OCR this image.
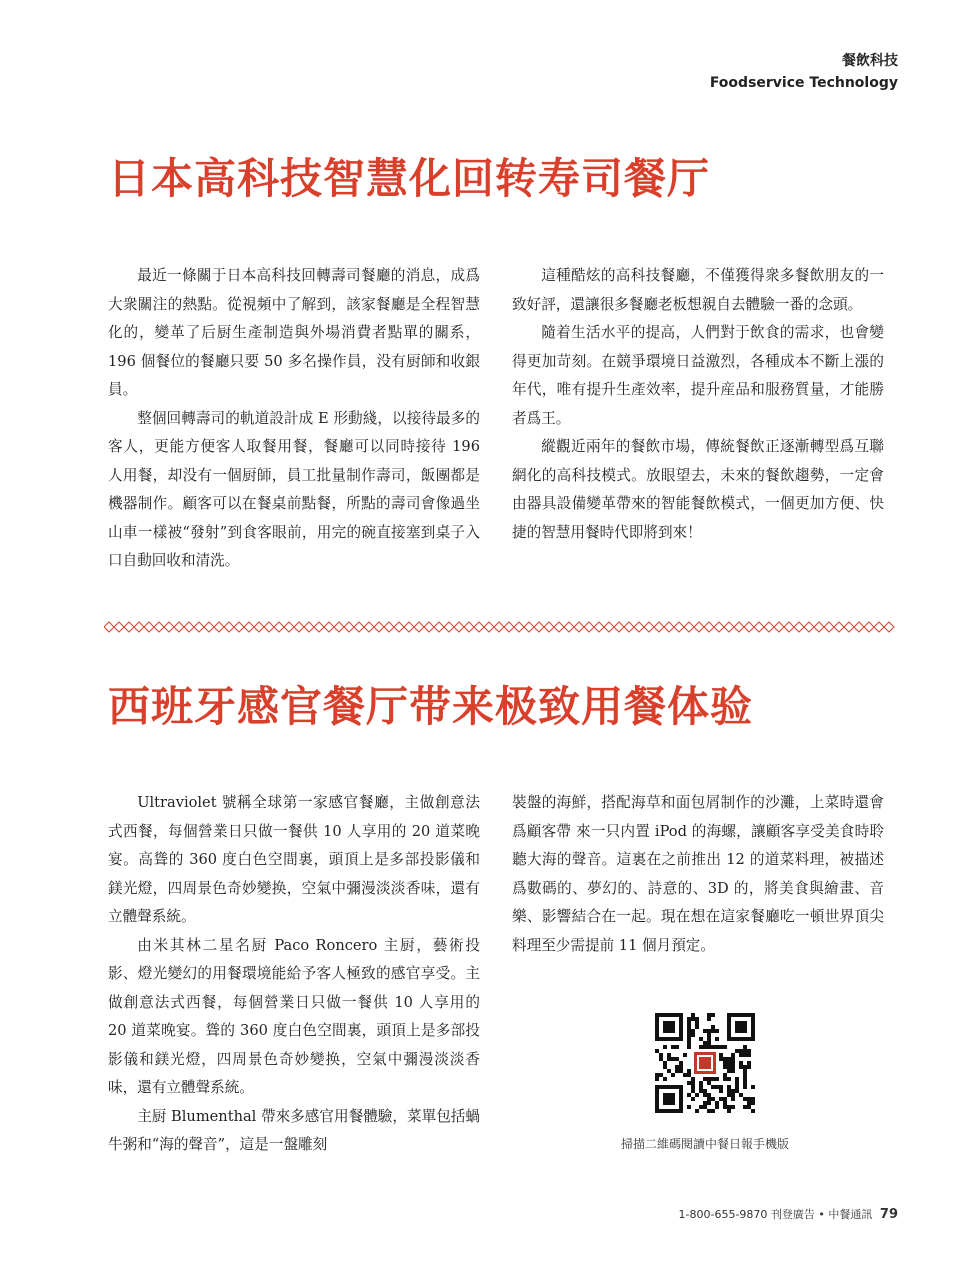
餐飲科技
Foodservice Technology
日本高科技智慧化回转寿司餐厅

最近一條關于日本高科技回轉壽司餐廳的消息，成爲大衆關注的熱點。從視頻中了解到，該家餐廳是全程智慧化的，變革了后厨生產制造與外場消費者點單的關系，196 個餐位的餐廳只要 50 多名操作員，没有厨師和收銀員。

整個回轉壽司的軌道設計成 E 形動綫，以接待最多的客人，更能方便客人取餐用餐，餐廳可以同時接待 196 人用餐，却没有一個厨師，員工批量制作壽司，飯團都是機器制作。顧客可以在餐桌前點餐，所點的壽司會像過坐山車一樣被“發射”到食客眼前，用完的碗直接塞到桌子入口自動回收和清洗。

這種酷炫的高科技餐廳，不僅獲得衆多餐飲朋友的一致好評，還讓很多餐廳老板想親自去體驗一番的念頭。

隨着生活水平的提高，人們對于飲食的需求，也會變得更加苛刻。在競爭環境日益激烈，各種成本不斷上漲的年代，唯有提升生產效率，提升産品和服務質量，才能勝者爲王。

縱觀近兩年的餐飲市場，傳統餐飲正逐漸轉型爲互聯網化的高科技模式。放眼望去，未來的餐飲趨勢，一定會由器具設備變革帶來的智能餐飲模式，一個更加方便、快捷的智慧用餐時代即將到來！

西班牙感官餐厅带来极致用餐体验

Ultraviolet 號稱全球第一家感官餐廳，主做創意法式西餐，每個營業日只做一餐供 10 人享用的 20 道菜晚宴。高聳的 360 度白色空間裏，頭頂上是多部投影儀和鎂光燈，四周景色奇妙變换，空氣中彌漫淡淡香味，還有立體聲系統。

由米其林二星名厨 Paco Roncero 主厨，藝術投影、燈光變幻的用餐環境能給予客人極致的感官享受。主做創意法式西餐，每個營業日只做一餐供 10 人享用的 20 道菜晚宴。聳的 360 度白色空間裏，頭頂上是多部投影儀和鎂光燈，四周景色奇妙變换，空氣中彌漫淡淡香味，還有立體聲系統。

主厨 Blumenthal 帶來多感官用餐體驗，菜單包括蝸牛粥和“海的聲音”，這是一盤雕刻

裝盤的海鮮，搭配海草和面包屑制作的沙灘，上菜時還會爲顧客帶 來一只内置 iPod 的海螺，讓顧客享受美食時聆聽大海的聲音。這裏在之前推出 12 的道菜料理，被描述爲數碼的、夢幻的、詩意的、3D 的，將美食與繪畫、音樂、影響結合在一起。現在想在這家餐廳吃一頓世界頂尖料理至少需提前 11 個月預定。

掃描二維碼閱讀中餐日報手機版
1-800-655-9870 刊登廣告 • 中餐通訊 79
